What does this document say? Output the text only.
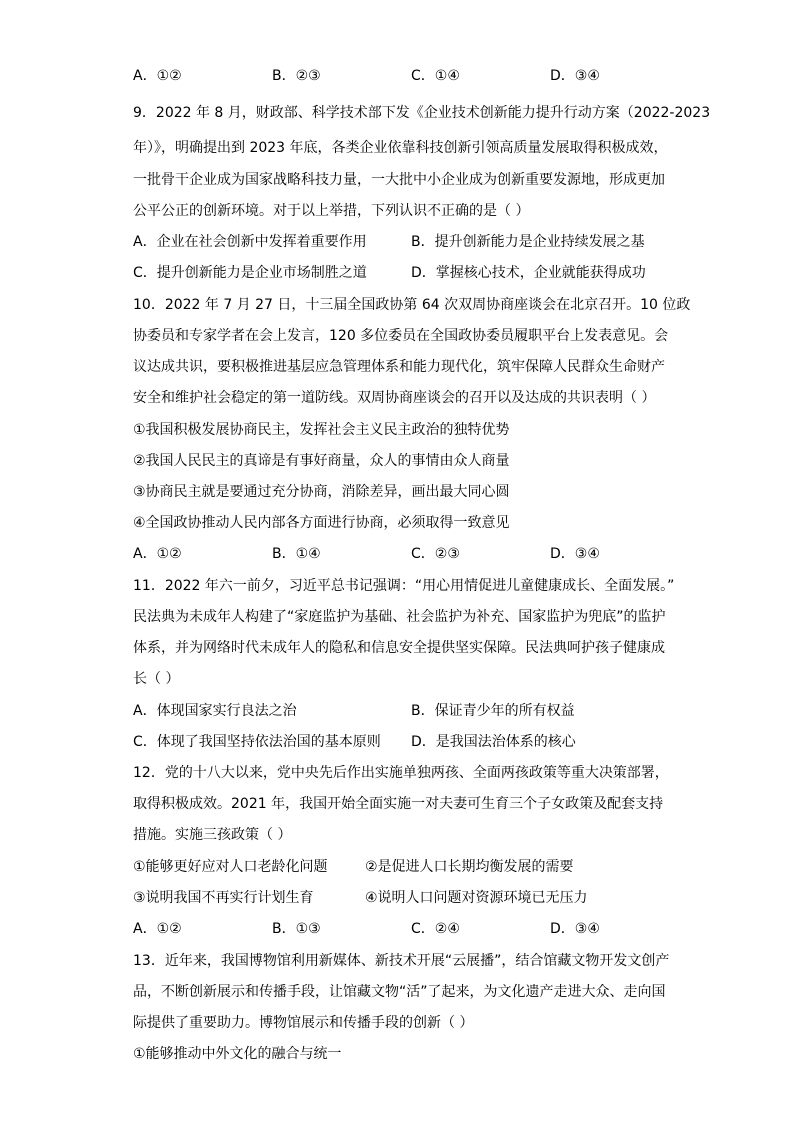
A．①②	B．②③	C．①④	D．③④
9．2022 年 8 月，财政部、科学技术部下发《企业技术创新能力提升行动方案（2022-2023
年）》，明确提出到 2023 年底，各类企业依靠科技创新引领高质量发展取得积极成效，
一批骨干企业成为国家战略科技力量，一大批中小企业成为创新重要发源地，形成更加
公平公正的创新环境。对于以上举措，下列认识不正确的是（ ）
A．企业在社会创新中发挥着重要作用	B．提升创新能力是企业持续发展之基
C．提升创新能力是企业市场制胜之道	D．掌握核心技术，企业就能获得成功
10．2022 年 7 月 27 日，十三届全国政协第 64 次双周协商座谈会在北京召开。10 位政
协委员和专家学者在会上发言，120 多位委员在全国政协委员履职平台上发表意见。会
议达成共识，要积极推进基层应急管理体系和能力现代化，筑牢保障人民群众生命财产
安全和维护社会稳定的第一道防线。双周协商座谈会的召开以及达成的共识表明（ ）
①我国积极发展协商民主，发挥社会主义民主政治的独特优势
②我国人民民主的真谛是有事好商量，众人的事情由众人商量
③协商民主就是要通过充分协商，消除差异，画出最大同心圆
④全国政协推动人民内部各方面进行协商，必须取得一致意见
A．①②	B．①④	C．②③	D．③④
11．2022 年六一前夕，习近平总书记强调：“用心用情促进儿童健康成长、全面发展。”
民法典为未成年人构建了“家庭监护为基础、社会监护为补充、国家监护为兜底”的监护
体系，并为网络时代未成年人的隐私和信息安全提供坚实保障。民法典呵护孩子健康成
长（ ）
A．体现国家实行良法之治	B．保证青少年的所有权益
C．体现了我国坚持依法治国的基本原则 D．是我国法治体系的核心
12．党的十八大以来，党中央先后作出实施单独两孩、全面两孩政策等重大决策部署，
取得积极成效。2021 年，我国开始全面实施一对夫妻可生育三个子女政策及配套支持
措施。实施三孩政策（ ）
①能够更好应对人口老龄化问题	②是促进人口长期均衡发展的需要
③说明我国不再实行计划生育	④说明人口问题对资源环境已无压力
A．①②	B．①③	C．②④	D．③④
13．近年来，我国博物馆利用新媒体、新技术开展“云展播”，结合馆藏文物开发文创产
品，不断创新展示和传播手段，让馆藏文物“活”了起来，为文化遗产走进大众、走向国
际提供了重要助力。博物馆展示和传播手段的创新（ ）
①能够推动中外文化的融合与统一
